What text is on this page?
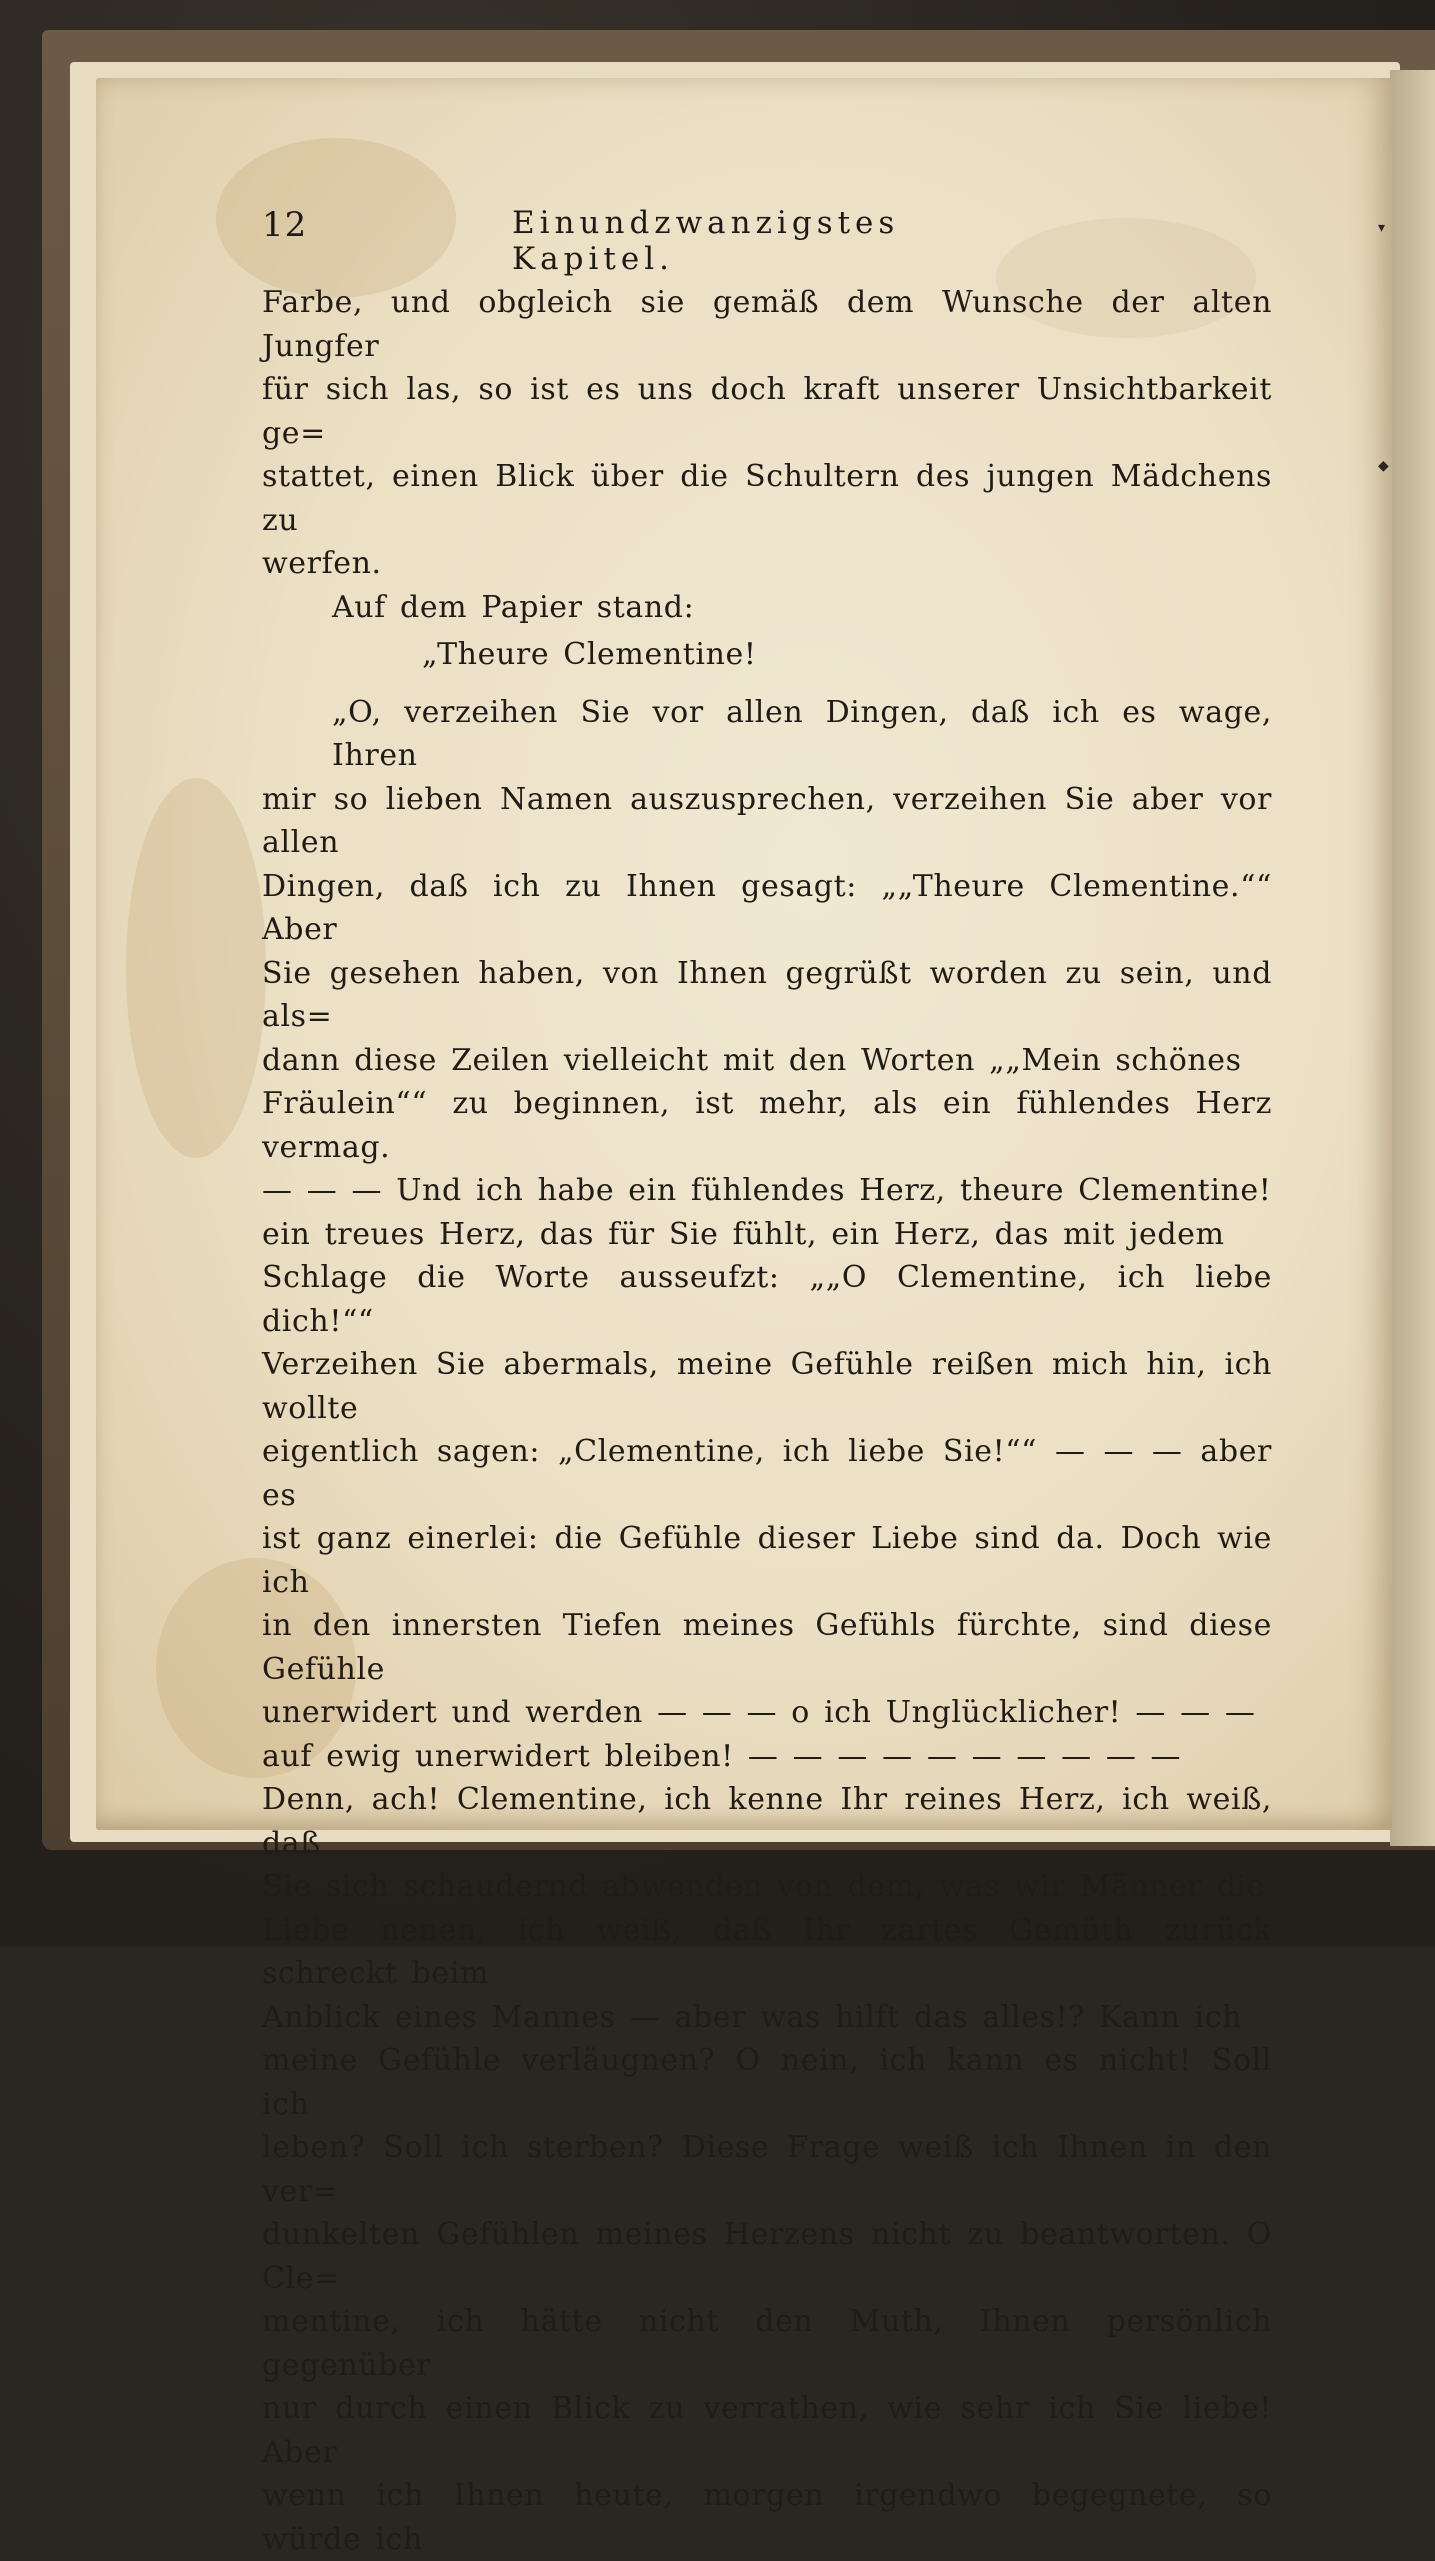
▾
◆
12	Einundzwanzigstes Kapitel.

Farbe, und obgleich sie gemäß dem Wunsche der alten Jungfer
für sich las, so ist es uns doch kraft unserer Unsichtbarkeit ge=
stattet, einen Blick über die Schultern des jungen Mädchens zu
werfen.

Auf dem Papier stand:

„Theure Clementine!

„O, verzeihen Sie vor allen Dingen, daß ich es wage, Ihren
mir so lieben Namen auszusprechen, verzeihen Sie aber vor allen
Dingen, daß ich zu Ihnen gesagt: „„Theure Clementine.““ Aber
Sie gesehen haben, von Ihnen gegrüßt worden zu sein, und als=
dann diese Zeilen vielleicht mit den Worten „„Mein schönes
Fräulein““ zu beginnen, ist mehr, als ein fühlendes Herz vermag.
— — — Und ich habe ein fühlendes Herz, theure Clementine!
ein treues Herz, das für Sie fühlt, ein Herz, das mit jedem
Schlage die Worte ausseufzt: „„O Clementine, ich liebe dich!““
Verzeihen Sie abermals, meine Gefühle reißen mich hin, ich wollte
eigentlich sagen: „Clementine, ich liebe Sie!““ — — — aber es
ist ganz einerlei: die Gefühle dieser Liebe sind da. Doch wie ich
in den innersten Tiefen meines Gefühls fürchte, sind diese Gefühle
unerwidert und werden — — — o ich Unglücklicher! — — —
auf ewig unerwidert bleiben! — — — — — — — — — —
Denn, ach! Clementine, ich kenne Ihr reines Herz, ich weiß, daß
Sie sich schaudernd abwenden von dem, was wir Männer die
Liebe nenen, ich weiß, daß Ihr zartes Gemüth zurück schreckt beim
Anblick eines Mannes — aber was hilft das alles!? Kann ich
meine Gefühle verläugnen? O nein, ich kann es nicht! Soll ich
leben? Soll ich sterben? Diese Frage weiß ich Ihnen in den ver=
dunkelten Gefühlen meines Herzens nicht zu beantworten. O Cle=
mentine, ich hätte nicht den Muth, Ihnen persönlich gegenüber
nur durch einen Blick zu verrathen, wie sehr ich Sie liebe! Aber
wenn ich Ihnen heute, morgen irgendwo begegnete, so würde ich
